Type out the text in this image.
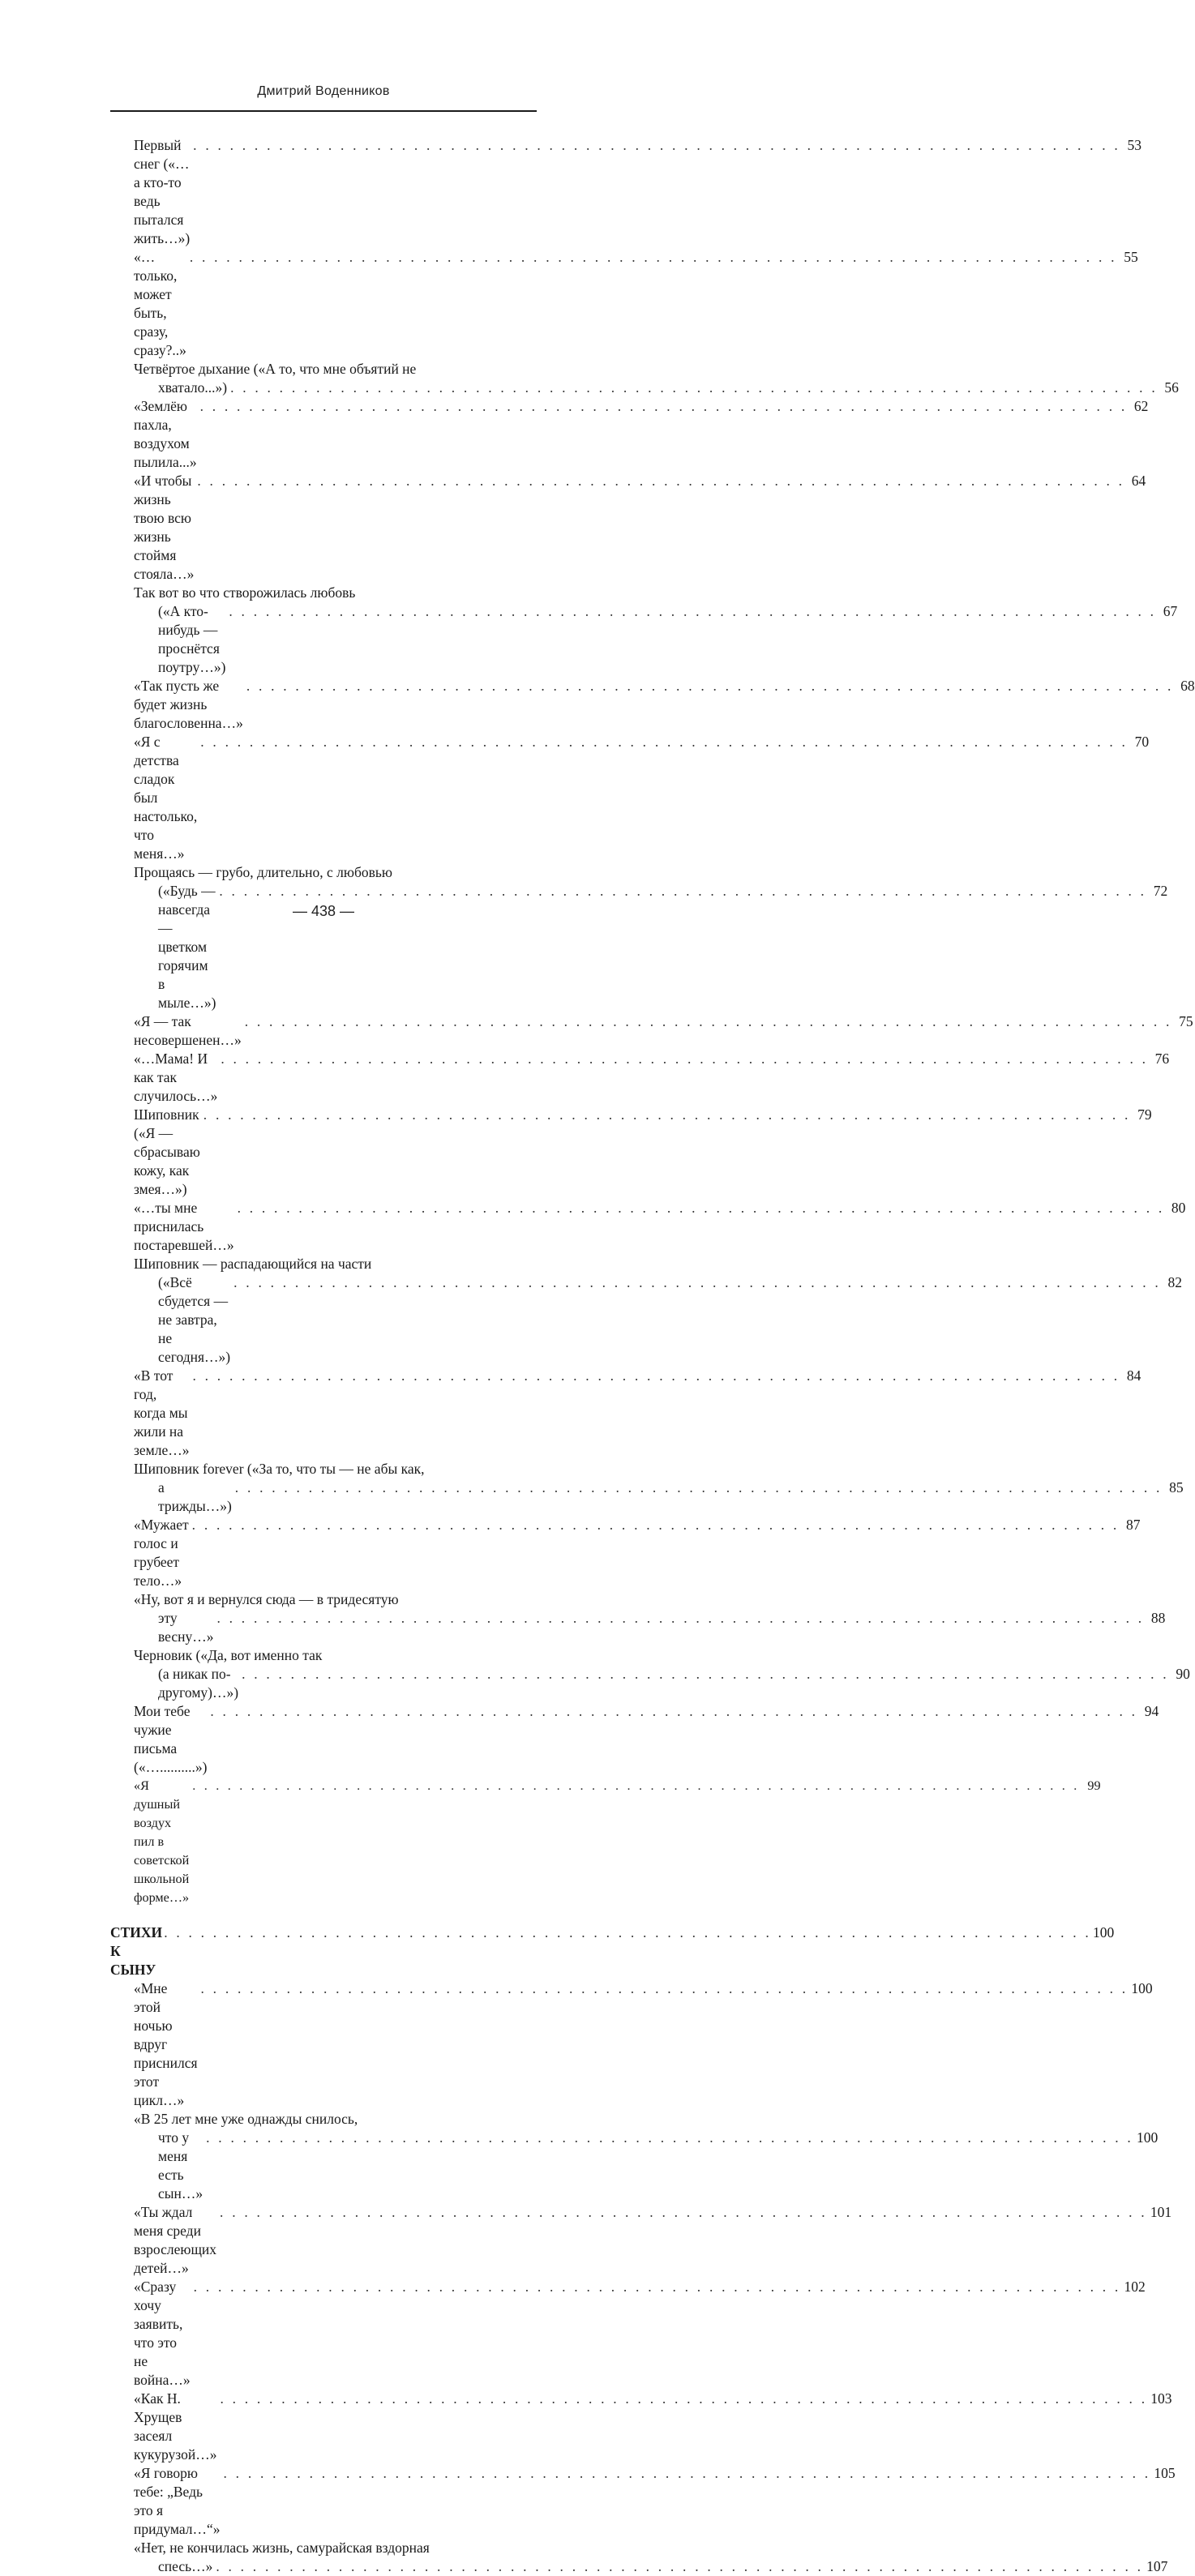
Дмитрий Воденников
Первый снег («…а кто-то ведь пытался жить…»)
. . . . . . . . . . . . . . . . . . . . . . . . . . . . . . . . . . . . . . . . . . . . . . . . . . . . . . . . . . . . . . . . . . . . . . . . . . . . 53
«…только, может быть, сразу, сразу?..»
. . . . . . . . . . . . . . . . . . . . . . . . . . . . . . . . . . . . . . . . . . . . . . . . . . . . . . . . . . . . . . . . . . . . . . . . . . . . 55
Четвёртое дыхание («А то, что мне объятий не
хватало...») . . . . . . . . . . . . . . . . . . . . . . . . . . . . . . . . . . . . . . . . . . . . . . . . . . . . . . . . . . . . . . . . . . . . . . . . . . . . 56
«Землёю пахла, воздухом пылила...»
. . . . . . . . . . . . . . . . . . . . . . . . . . . . . . . . . . . . . . . . . . . . . . . . . . . . . . . . . . . . . . . . . . . . . . . . . . . . 62
«И чтобы жизнь твою всю жизнь стоймя стояла…»
. . . . . . . . . . . . . . . . . . . . . . . . . . . . . . . . . . . . . . . . . . . . . . . . . . . . . . . . . . . . . . . . . . . . . . . . . . . . 64
Так вот во что створожилась любовь
(«А кто-нибудь — проснётся поутру…»)
. . . . . . . . . . . . . . . . . . . . . . . . . . . . . . . . . . . . . . . . . . . . . . . . . . . . . . . . . . . . . . . . . . . . . . . . . . . . 67
«Так пусть же будет жизнь благословенна…»
. . . . . . . . . . . . . . . . . . . . . . . . . . . . . . . . . . . . . . . . . . . . . . . . . . . . . . . . . . . . . . . . . . . . . . . . . . . . 68
«Я с детства сладок был настолько, что меня…»
. . . . . . . . . . . . . . . . . . . . . . . . . . . . . . . . . . . . . . . . . . . . . . . . . . . . . . . . . . . . . . . . . . . . . . . . . . . . 70
Прощаясь — грубо, длительно, с любовью
(«Будь — навсегда — цветком горячим в мыле…»)
. . . . . . . . . . . . . . . . . . . . . . . . . . . . . . . . . . . . . . . . . . . . . . . . . . . . . . . . . . . . . . . . . . . . . . . . . . . . 72
«Я — так несовершенен…»
. . . . . . . . . . . . . . . . . . . . . . . . . . . . . . . . . . . . . . . . . . . . . . . . . . . . . . . . . . . . . . . . . . . . . . . . . . . . 75
«…Мама! И как так случилось…»
. . . . . . . . . . . . . . . . . . . . . . . . . . . . . . . . . . . . . . . . . . . . . . . . . . . . . . . . . . . . . . . . . . . . . . . . . . . . 76
Шиповник («Я — сбрасываю кожу, как змея…»)
. . . . . . . . . . . . . . . . . . . . . . . . . . . . . . . . . . . . . . . . . . . . . . . . . . . . . . . . . . . . . . . . . . . . . . . . . . . . 79
«…ты мне приснилась постаревшей…»
. . . . . . . . . . . . . . . . . . . . . . . . . . . . . . . . . . . . . . . . . . . . . . . . . . . . . . . . . . . . . . . . . . . . . . . . . . . . 80
Шиповник — распадающийся на части
(«Всё сбудется — не завтра, не сегодня…»)
. . . . . . . . . . . . . . . . . . . . . . . . . . . . . . . . . . . . . . . . . . . . . . . . . . . . . . . . . . . . . . . . . . . . . . . . . . . . 82
«В тот год, когда мы жили на земле…»
. . . . . . . . . . . . . . . . . . . . . . . . . . . . . . . . . . . . . . . . . . . . . . . . . . . . . . . . . . . . . . . . . . . . . . . . . . . . 84
Шиповник forever («За то, что ты — не абы как,
а трижды…»)
. . . . . . . . . . . . . . . . . . . . . . . . . . . . . . . . . . . . . . . . . . . . . . . . . . . . . . . . . . . . . . . . . . . . . . . . . . . . 85
«Мужает голос и грубеет тело…»
. . . . . . . . . . . . . . . . . . . . . . . . . . . . . . . . . . . . . . . . . . . . . . . . . . . . . . . . . . . . . . . . . . . . . . . . . . . . 87
«Ну, вот я и вернулся сюда — в тридесятую
эту весну…»
. . . . . . . . . . . . . . . . . . . . . . . . . . . . . . . . . . . . . . . . . . . . . . . . . . . . . . . . . . . . . . . . . . . . . . . . . . . . 88
Черновик («Да, вот именно так
(а никак по-другому)…»)
. . . . . . . . . . . . . . . . . . . . . . . . . . . . . . . . . . . . . . . . . . . . . . . . . . . . . . . . . . . . . . . . . . . . . . . . . . . . 90
Мои тебе чужие письма («…..........»)
. . . . . . . . . . . . . . . . . . . . . . . . . . . . . . . . . . . . . . . . . . . . . . . . . . . . . . . . . . . . . . . . . . . . . . . . . . . . 94
«Я душный воздух пил в советской школьной форме…»
. . . . . . . . . . . . . . . . . . . . . . . . . . . . . . . . . . . . . . . . . . . . . . . . . . . . . . . . . . . . . . . . . . . . . . . . . . . . 99
СТИХИ К СЫНУ
. . . . . . . . . . . . . . . . . . . . . . . . . . . . . . . . . . . . . . . . . . . . . . . . . . . . . . . . . . . . . . . . . . . . . . . . . . . . 100
«Мне этой ночью вдруг приснился этот цикл…»
. . . . . . . . . . . . . . . . . . . . . . . . . . . . . . . . . . . . . . . . . . . . . . . . . . . . . . . . . . . . . . . . . . . . . . . . . . . . 100
«В 25 лет мне уже однажды снилось,
что у меня есть сын…»
. . . . . . . . . . . . . . . . . . . . . . . . . . . . . . . . . . . . . . . . . . . . . . . . . . . . . . . . . . . . . . . . . . . . . . . . . . . . 100
«Ты ждал меня среди взрослеющих детей…»
. . . . . . . . . . . . . . . . . . . . . . . . . . . . . . . . . . . . . . . . . . . . . . . . . . . . . . . . . . . . . . . . . . . . . . . . . . . . 101
«Сразу хочу заявить, что это не война…»
. . . . . . . . . . . . . . . . . . . . . . . . . . . . . . . . . . . . . . . . . . . . . . . . . . . . . . . . . . . . . . . . . . . . . . . . . . . . 102
«Как Н. Хрущев засеял кукурузой…»
. . . . . . . . . . . . . . . . . . . . . . . . . . . . . . . . . . . . . . . . . . . . . . . . . . . . . . . . . . . . . . . . . . . . . . . . . . . . 103
«Я говорю тебе: „Ведь это я придумал…“»
. . . . . . . . . . . . . . . . . . . . . . . . . . . . . . . . . . . . . . . . . . . . . . . . . . . . . . . . . . . . . . . . . . . . . . . . . . . . 105
«Нет, не кончилась жизнь, самурайская вздорная
спесь…» . . . . . . . . . . . . . . . . . . . . . . . . . . . . . . . . . . . . . . . . . . . . . . . . . . . . . . . . . . . . . . . . . . . . . . . . . . . . 107
— 438 —
